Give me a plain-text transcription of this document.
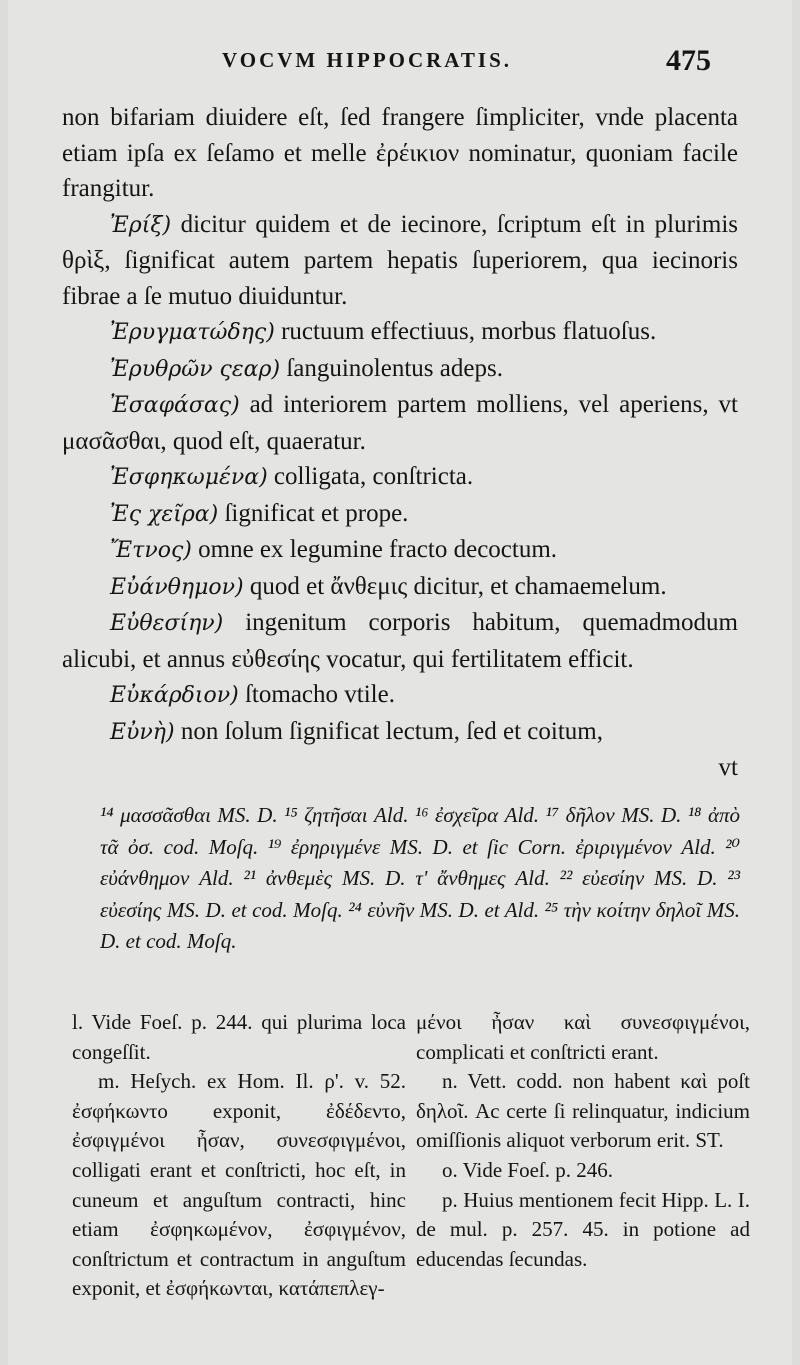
VOCVM HIPPOCRATIS.	475

non bifariam diuidere eſt, ſed frangere ſimpliciter, vnde placenta etiam ipſa ex ſeſamo et melle ἐρέικιον nominatur, quoniam facile frangitur.

Ἐρίξ) dicitur quidem et de iecinore, ſcriptum eſt in plurimis θρὶξ, ſignificat autem partem hepatis ſuperiorem, qua iecinoris fibrae a ſe mutuo diuiduntur.

Ἐρυγματώδης) ructuum effectiuus, morbus flatuoſus.

Ἐρυθρῶν ςεαρ) ſanguinolentus adeps.

Ἐσαφάσας) ad interiorem partem molliens, vel aperiens, vt μασᾶσθαι, quod eſt, quaeratur.

Ἐσφηκωμένα) colligata, conſtricta.

Ἐς χεῖρα) ſignificat et prope.

Ἔτνος) omne ex legumine fracto decoctum.

Εὐάνθημον) quod et ἄνθεμις dicitur, et chamaemelum.

Εὐθεσίην) ingenitum corporis habitum, quemadmodum alicubi, et annus εὐθεσίης vocatur, qui fertilitatem efficit.

Εὐκάρδιον) ſtomacho vtile.

Εὐνὴ) non ſolum ſignificat lectum, ſed et coitum,

vt

¹⁴ μασσᾶσθαι MS. D. ¹⁵ ζητῆσαι Ald. ¹⁶ ἐσχεῖρα Ald. ¹⁷ δῆλον MS. D. ¹⁸ ἀπὸ τᾶ ὀσ. cod. Moſq. ¹⁹ ἐρηριγμένε MS. D. et ſic Corn. ἐριριγμένον Ald. ²⁰ εὐάνθημον Ald. ²¹ ἀνθεμὲς MS. D. τ' ἄνθημες Ald. ²² εὐεσίην MS. D. ²³ εὐεσίης MS. D. et cod. Moſq. ²⁴ εὐνῆν MS. D. et Ald. ²⁵ τὴν κοίτην δηλοῖ MS. D. et cod. Moſq.

l. Vide Foeſ. p. 244. qui plurima loca congeſſit.

m. Heſych. ex Hom. Il. ρ'. v. 52. ἐσφήκωντο exponit, ἐδέδεντο, ἐσφιγμένοι ἦσαν, συνεσφιγμένοι, colligati erant et conſtricti, hoc eſt, in cuneum et anguſtum contracti, hinc etiam ἐσφηκωμένον, ἐσφιγμένον, conſtrictum et contractum in anguſtum exponit, et ἐσφήκωνται, κατάπεπλεγ-

μένοι ἦσαν καὶ συνεσφιγμένοι, complicati et conſtricti erant.

n. Vett. codd. non habent καὶ poſt δηλοῖ. Ac certe ſi relinquatur, indicium omiſſionis aliquot verborum erit. ST.

o. Vide Foeſ. p. 246.

p. Huius mentionem fecit Hipp. L. I. de mul. p. 257. 45. in potione ad educendas ſecundas.
